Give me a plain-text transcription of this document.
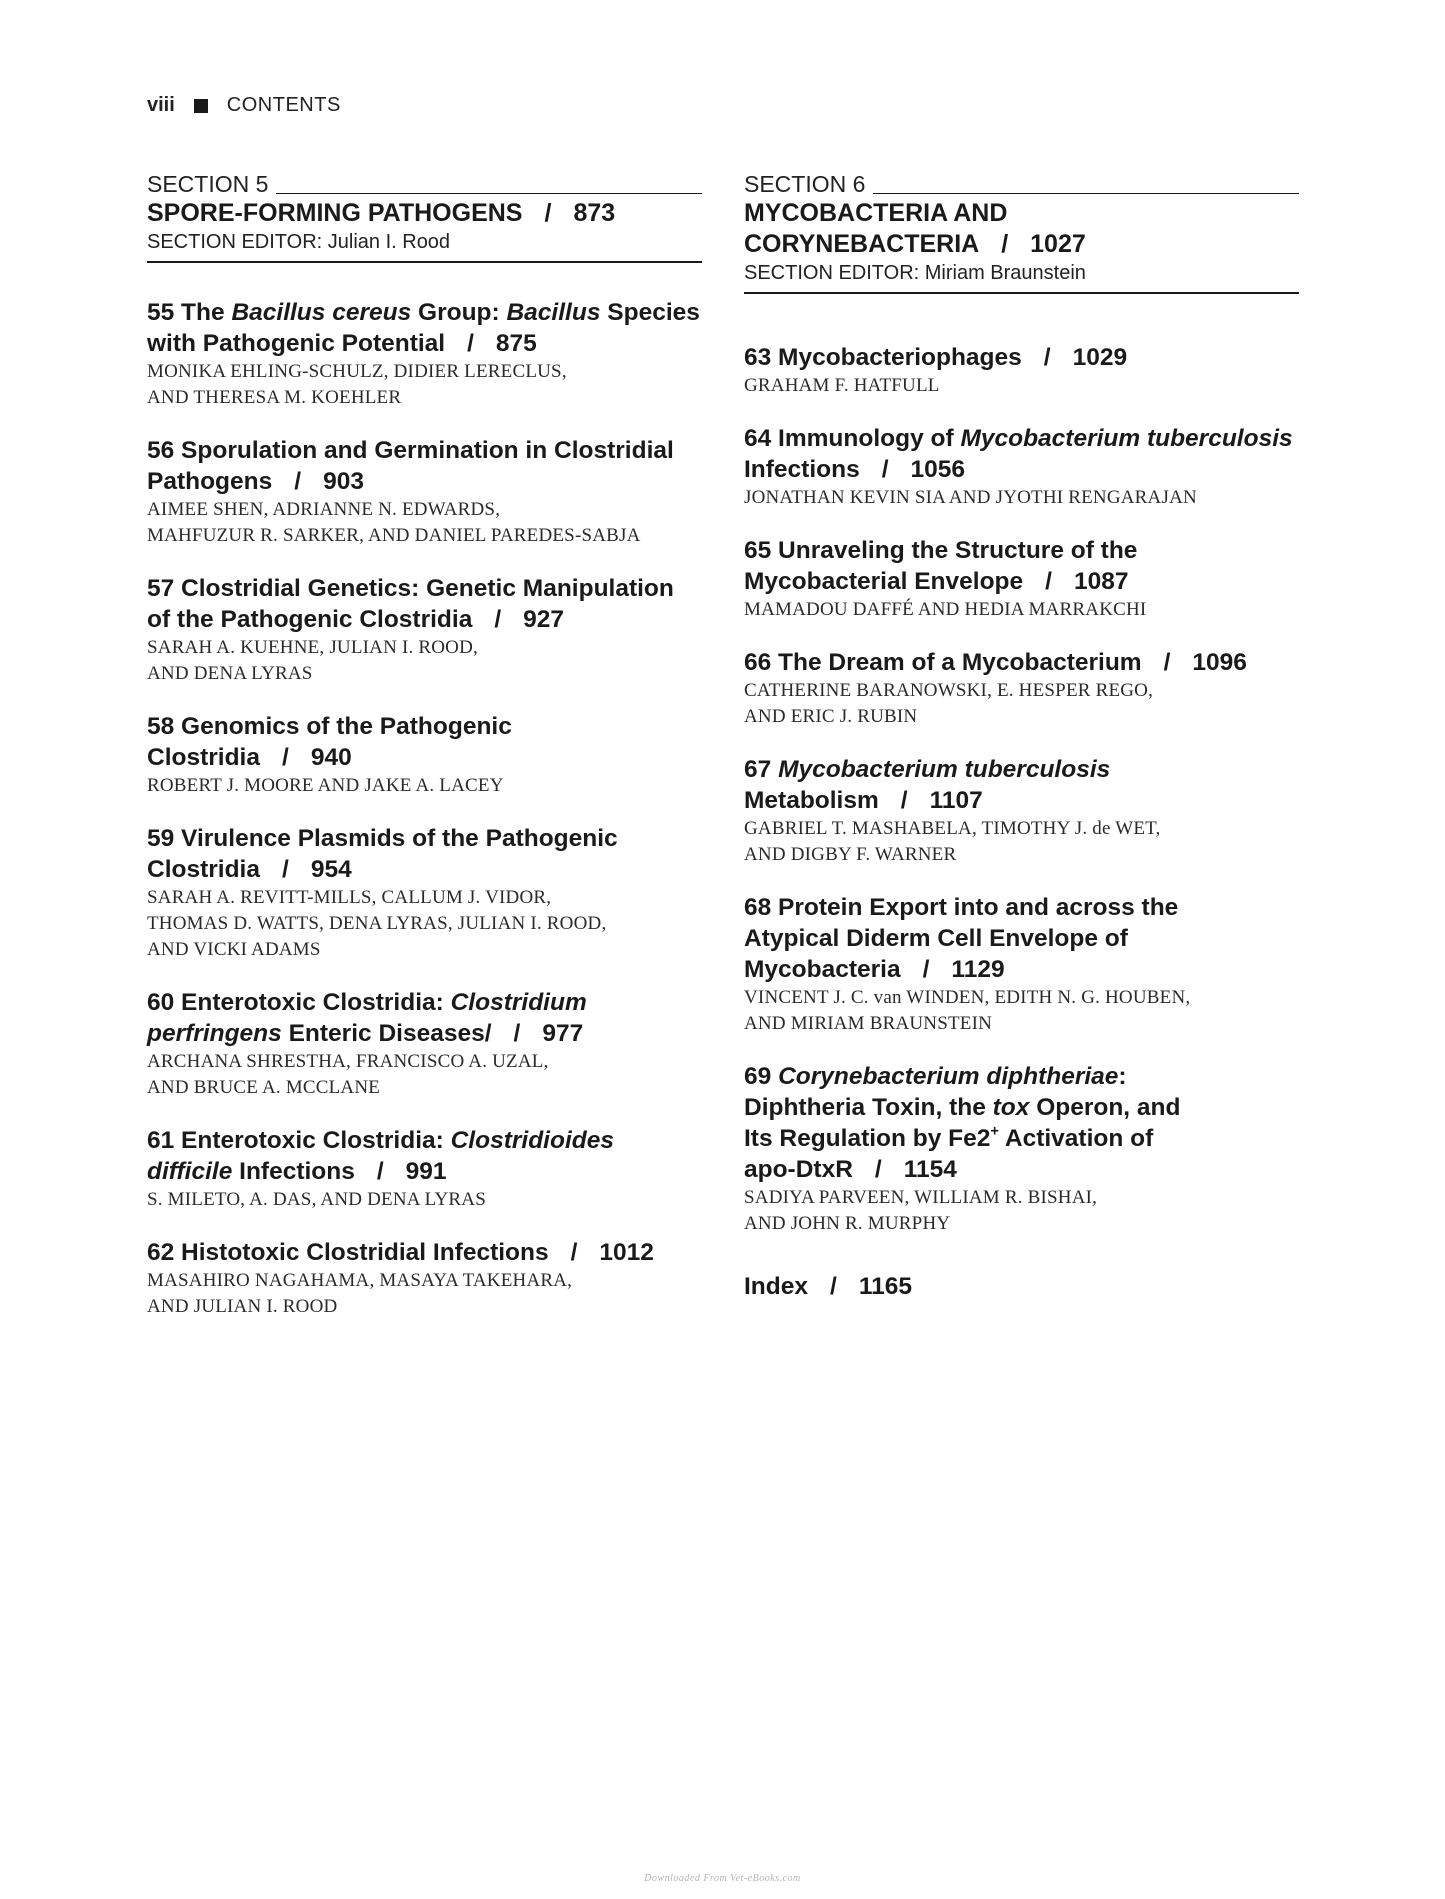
viii	CONTENTS
SECTION 5
SPORE-FORMING PATHOGENS / 873
SECTION EDITOR: Julian I. Rood
55 The Bacillus cereus Group: Bacillus Species
with Pathogenic Potential / 875
MONIKA EHLING-SCHULZ, DIDIER LERECLUS,
AND THERESA M. KOEHLER
56 Sporulation and Germination in Clostridial
Pathogens / 903
AIMEE SHEN, ADRIANNE N. EDWARDS,
MAHFUZUR R. SARKER, AND DANIEL PAREDES-SABJA
57 Clostridial Genetics: Genetic Manipulation
of the Pathogenic Clostridia / 927
SARAH A. KUEHNE, JULIAN I. ROOD,
AND DENA LYRAS
58 Genomics of the Pathogenic
Clostridia / 940
ROBERT J. MOORE AND JAKE A. LACEY
59 Virulence Plasmids of the Pathogenic
Clostridia / 954
SARAH A. REVITT-MILLS, CALLUM J. VIDOR,
THOMAS D. WATTS, DENA LYRAS, JULIAN I. ROOD,
AND VICKI ADAMS
60 Enterotoxic Clostridia: Clostridium
perfringens Enteric Diseases/ / 977
ARCHANA SHRESTHA, FRANCISCO A. UZAL,
AND BRUCE A. MCCLANE
61 Enterotoxic Clostridia: Clostridioides
difficile Infections / 991
S. MILETO, A. DAS, AND DENA LYRAS
62 Histotoxic Clostridial Infections / 1012
MASAHIRO NAGAHAMA, MASAYA TAKEHARA,
AND JULIAN I. ROOD
SECTION 6
MYCOBACTERIA AND
CORYNEBACTERIA / 1027
SECTION EDITOR: Miriam Braunstein
63 Mycobacteriophages / 1029
GRAHAM F. HATFULL
64 Immunology of Mycobacterium tuberculosis
Infections / 1056
JONATHAN KEVIN SIA AND JYOTHI RENGARAJAN
65 Unraveling the Structure of the
Mycobacterial Envelope / 1087
MAMADOU DAFFÉ AND HEDIA MARRAKCHI
66 The Dream of a Mycobacterium / 1096
CATHERINE BARANOWSKI, E. HESPER REGO,
AND ERIC J. RUBIN
67 Mycobacterium tuberculosis
Metabolism / 1107
GABRIEL T. MASHABELA, TIMOTHY J. de WET,
AND DIGBY F. WARNER
68 Protein Export into and across the
Atypical Diderm Cell Envelope of
Mycobacteria / 1129
VINCENT J. C. van WINDEN, EDITH N. G. HOUBEN,
AND MIRIAM BRAUNSTEIN
69 Corynebacterium diphtheriae:
Diphtheria Toxin, the tox Operon, and
Its Regulation by Fe2+ Activation of
apo-DtxR / 1154
SADIYA PARVEEN, WILLIAM R. BISHAI,
AND JOHN R. MURPHY
Index / 1165
Downloaded From Vet-eBooks.com
